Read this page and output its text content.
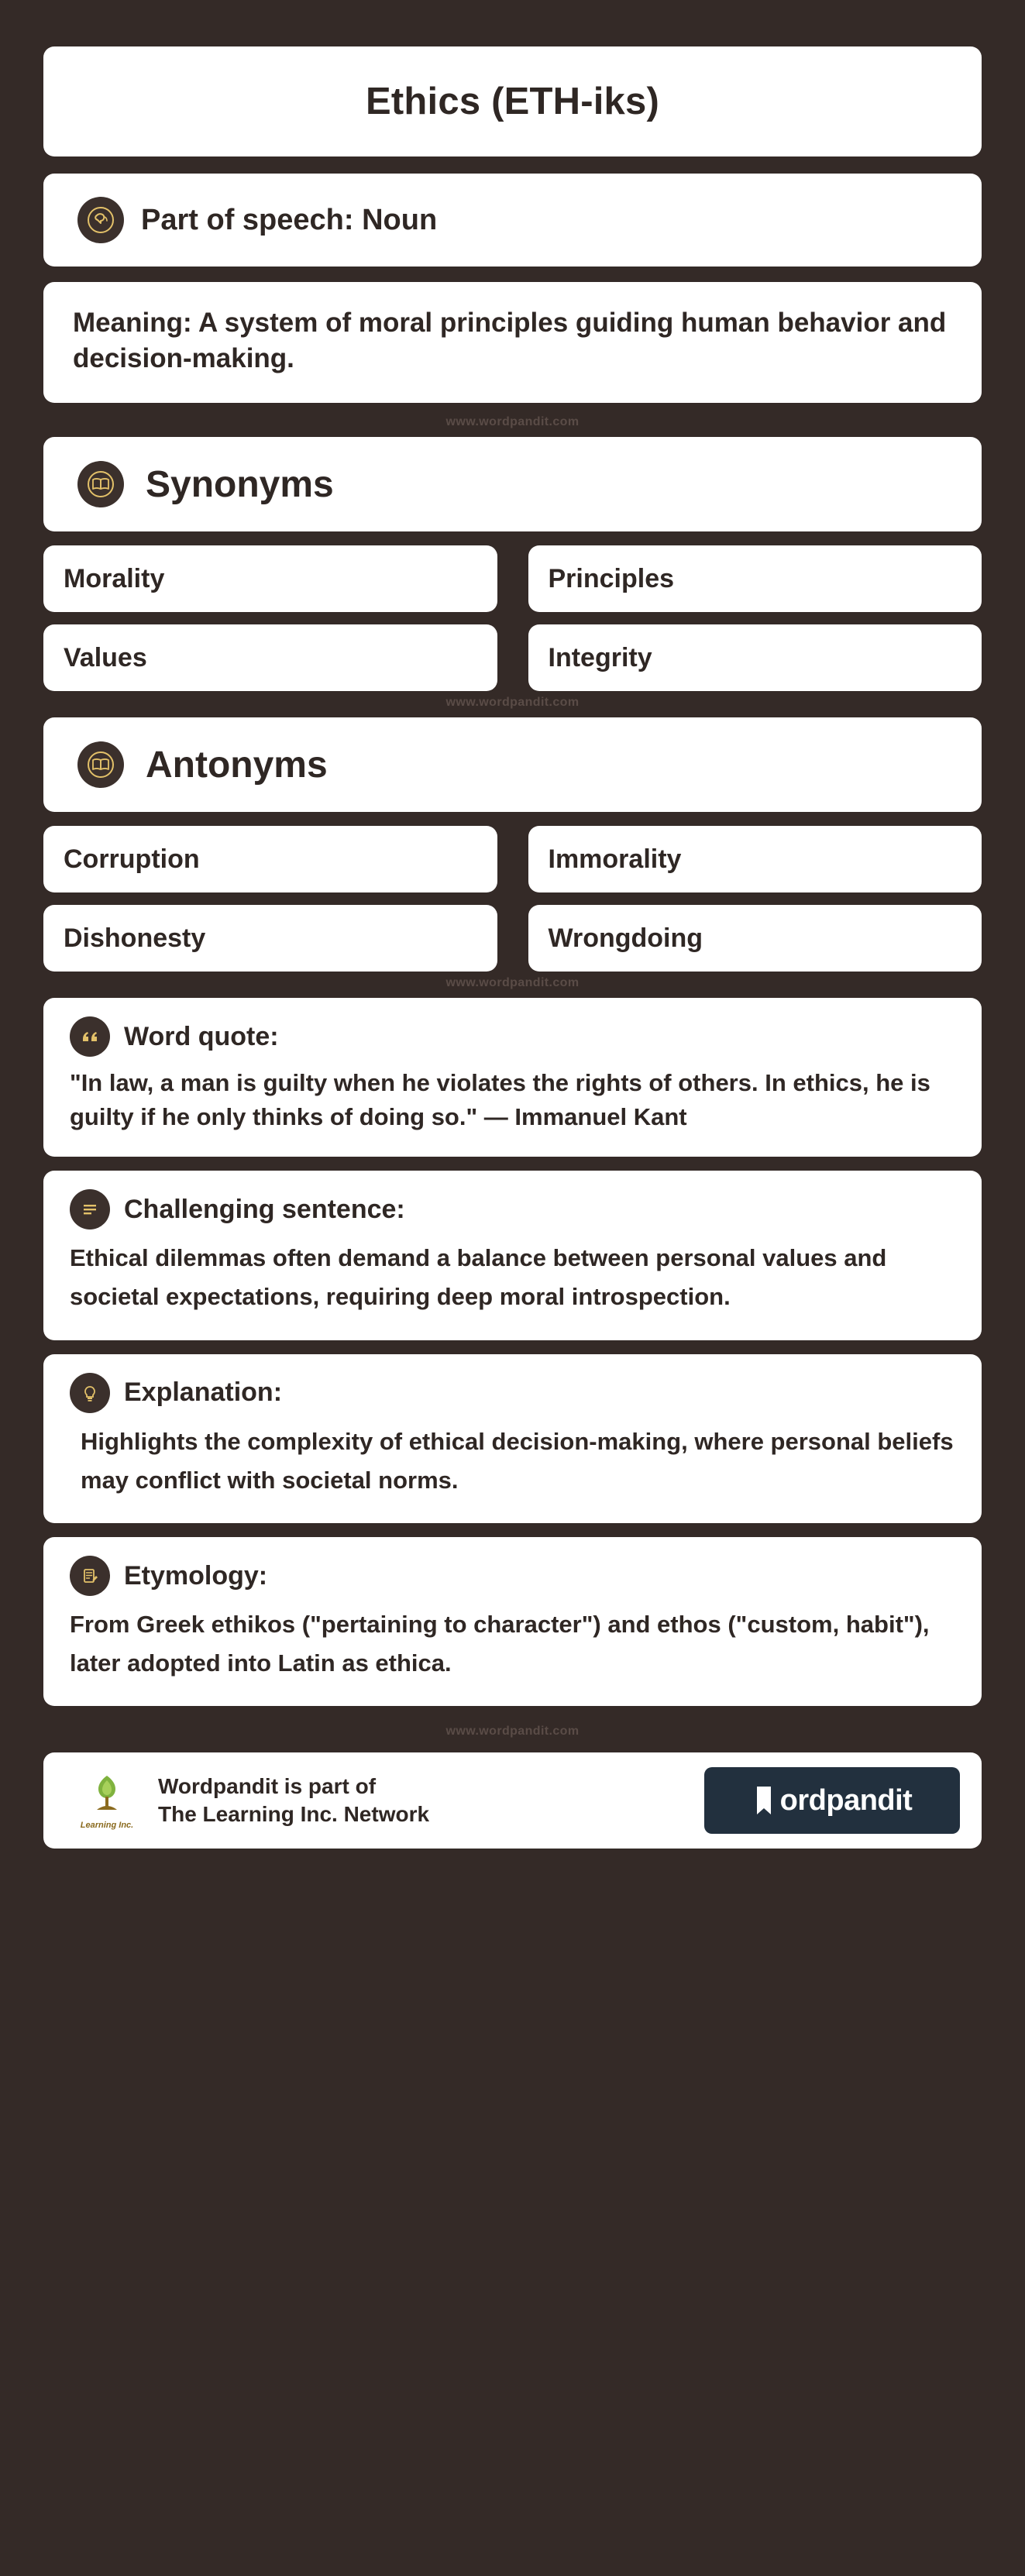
Ethics (ETH-iks)
Part of speech: Noun
Meaning: A system of moral principles guiding human behavior and decision-making.
www.wordpandit.com
Synonyms
Morality	Principles
Values	Integrity
www.wordpandit.com
Antonyms
Corruption	Immorality
Dishonesty	Wrongdoing
www.wordpandit.com
Word quote:
"In law, a man is guilty when he violates the rights of others. In ethics, he is guilty if he only thinks of doing so." — Immanuel Kant
Challenging sentence:
Ethical dilemmas often demand a balance between personal values and societal expectations, requiring deep moral introspection.
Explanation:
Highlights the complexity of ethical decision-making, where personal beliefs may conflict with societal norms.
Etymology:
From Greek ethikos ("pertaining to character") and ethos ("custom, habit"), later adopted into Latin as ethica.
www.wordpandit.com
Learning Inc.
Wordpandit is part of
The Learning Inc. Network	ordpandit
